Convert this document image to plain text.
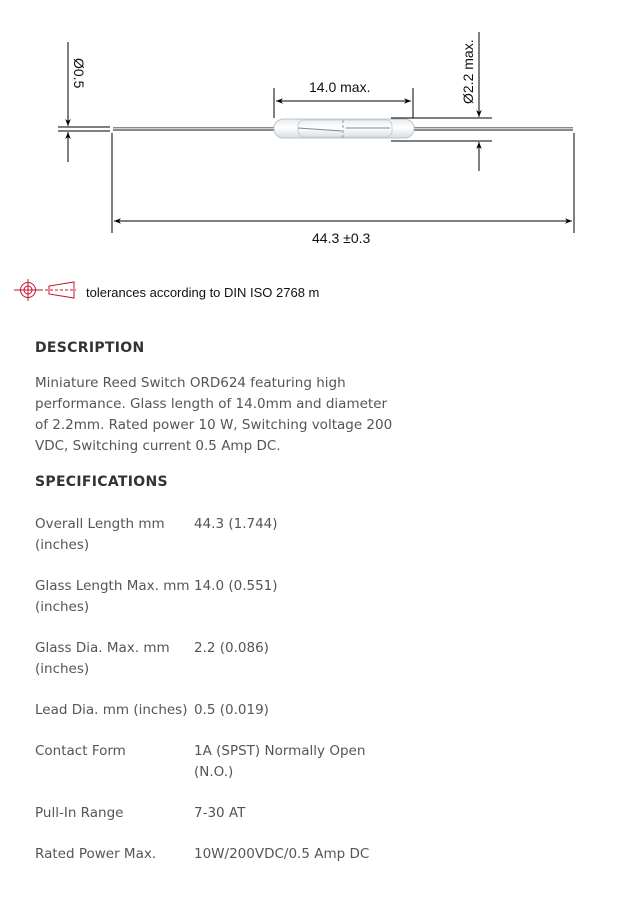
Ø0.5	14.0 max.	Ø2.2 max.
44.3 ±0.3
tolerances according to DIN ISO 2768 m
DESCRIPTION

Miniature Reed Switch ORD624 featuring high performance. Glass length of 14.0mm and diameter of 2.2mm. Rated power 10 W, Switching voltage 200 VDC, Switching current 0.5 Amp DC.

SPECIFICATIONS
Overall Length mm (inches)	44.3 (1.744)

Glass Length Max. mm (inches)	14.0 (0.551)

Glass Dia. Max. mm (inches)	2.2 (0.086)

Lead Dia. mm (inches)	0.5 (0.019)

Contact Form	1A (SPST) Normally Open (N.O.)

Pull-In Range	7-30 AT

Rated Power Max.	10W/200VDC/0.5 Amp DC
